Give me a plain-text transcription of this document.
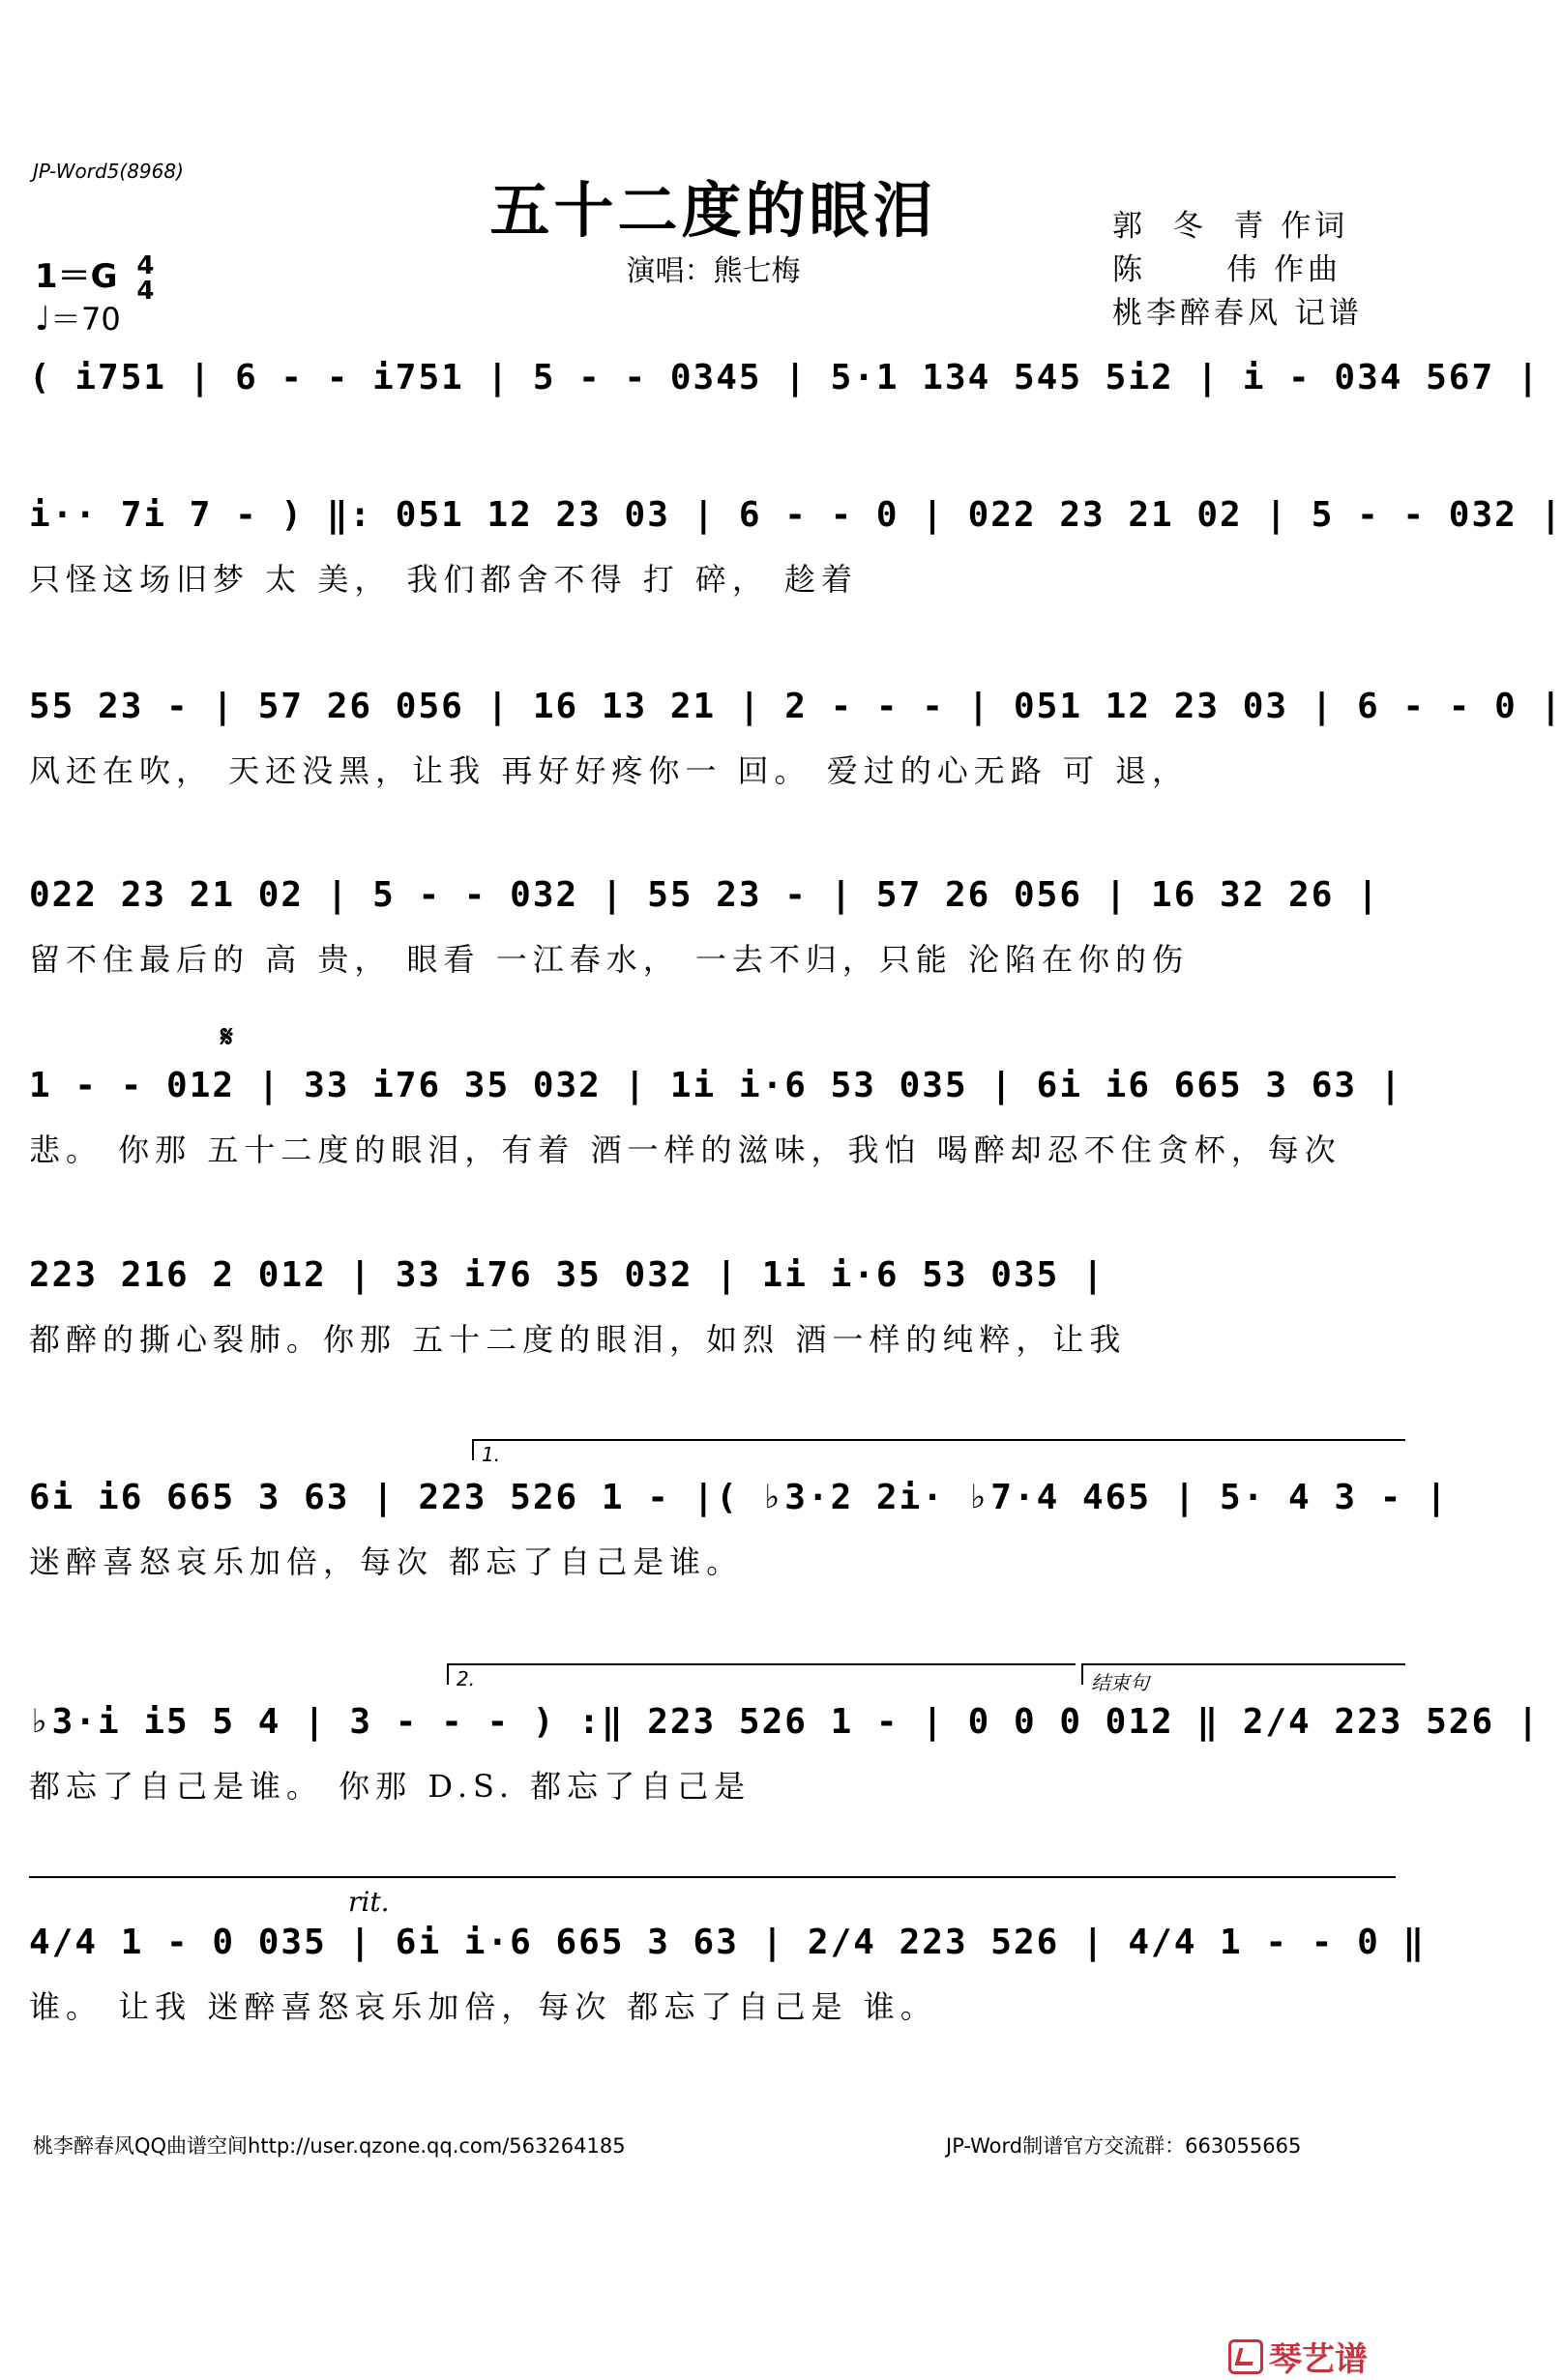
JP-Word5(8968)
五十二度的眼泪
演唱：熊七梅
郭  冬  青 作词
陈      伟 作曲
桃李醉春风 记谱
1＝G 4
4
♩＝70
( i751 | 6 - - i751 | 5 - - 0345 | 5·1 134 545 5i2 | i - 034 567 |
i·· 7i 7 - ) ‖: 051 12 23 03 | 6 - - 0 | 022 23 21 02 | 5 - - 032 |
只怪这场旧梦 太 美， 我们都舍不得 打 碎， 趁着
55 23 - | 57 26 056 | 16 13 21 | 2 - - - | 051 12 23 03 | 6 - - 0 |
风还在吹， 天还没黑，让我 再好好疼你一 回。 爱过的心无路 可 退，
022 23 21 02 | 5 - - 032 | 55 23 - | 57 26 056 | 16 32 26 |
留不住最后的 高 贵， 眼看 一江春水， 一去不归，只能 沦陷在你的伤
𝄋
1 - - 012 | 33 i76 35 032 | 1i i·6 53 035 | 6i i6 665 3 63 |
悲。 你那 五十二度的眼泪，有着 酒一样的滋味，我怕 喝醉却忍不住贪杯，每次
223 216 2 012 | 33 i76 35 032 | 1i i·6 53 035 |
都醉的撕心裂肺。你那 五十二度的眼泪，如烈 酒一样的纯粹，让我
1.
6i i6 665 3 63 | 223 526 1 - |( ♭3·2 2i· ♭7·4 465 | 5· 4 3 - |
迷醉喜怒哀乐加倍，每次 都忘了自己是谁。
2.	结束句
♭3·i i5 5 4 | 3 - - - ) :‖ 223 526 1 - | 0 0 0 012 ‖ 2/4 223 526 |
都忘了自己是谁。 你那 D.S. 都忘了自己是
rit.
4/4 1 - 0 035 | 6i i·6 665 3 63 | 2/4 223 526 | 4/4 1 - - 0 ‖
谁。 让我 迷醉喜怒哀乐加倍，每次 都忘了自己是 谁。
桃李醉春风QQ曲谱空间http://user.qzone.qq.com/563264185	JP-Word制谱官方交流群：663055665
琴艺谱
